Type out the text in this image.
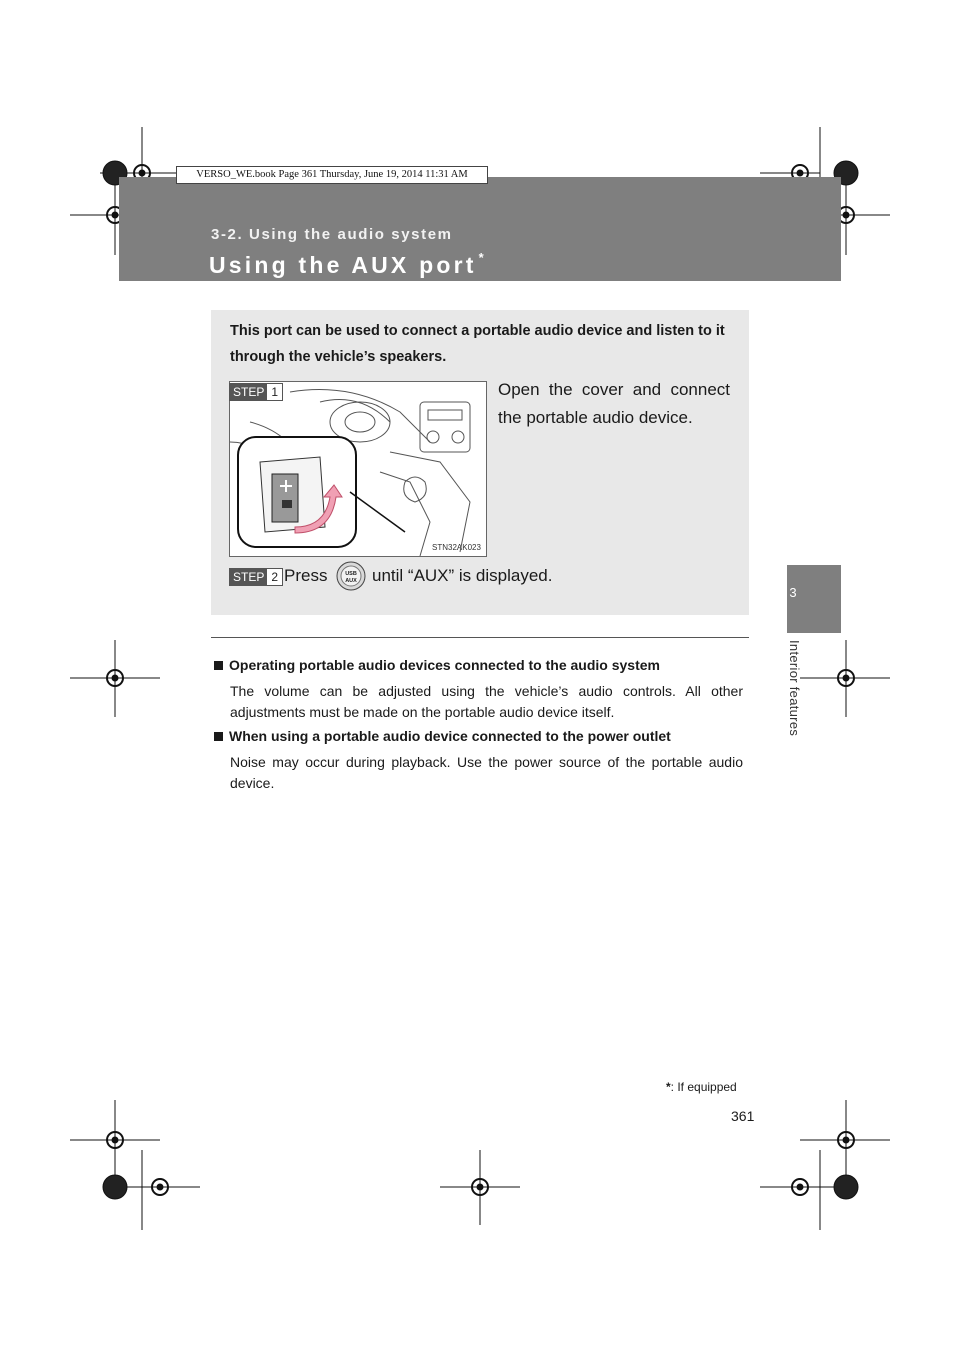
VERSO_WE.book Page 361 Thursday, June 19, 2014 11:31 AM
3-2. Using the audio system
Using the AUX port *
3
Interior features
This port can be used to connect a portable audio device and listen to it through the vehicle’s speakers.
STN32AK023
STEP 1	Open the cover and connect the portable audio device.
STEP 2 Press	USB
AUX until “AUX” is displayed.
Operating portable audio devices connected to the audio system
The volume can be adjusted using the vehicle’s audio controls. All other adjustments must be made on the portable audio device itself.
When using a portable audio device connected to the power outlet
Noise may occur during playback. Use the power source of the portable audio device.
*: If equipped
361
